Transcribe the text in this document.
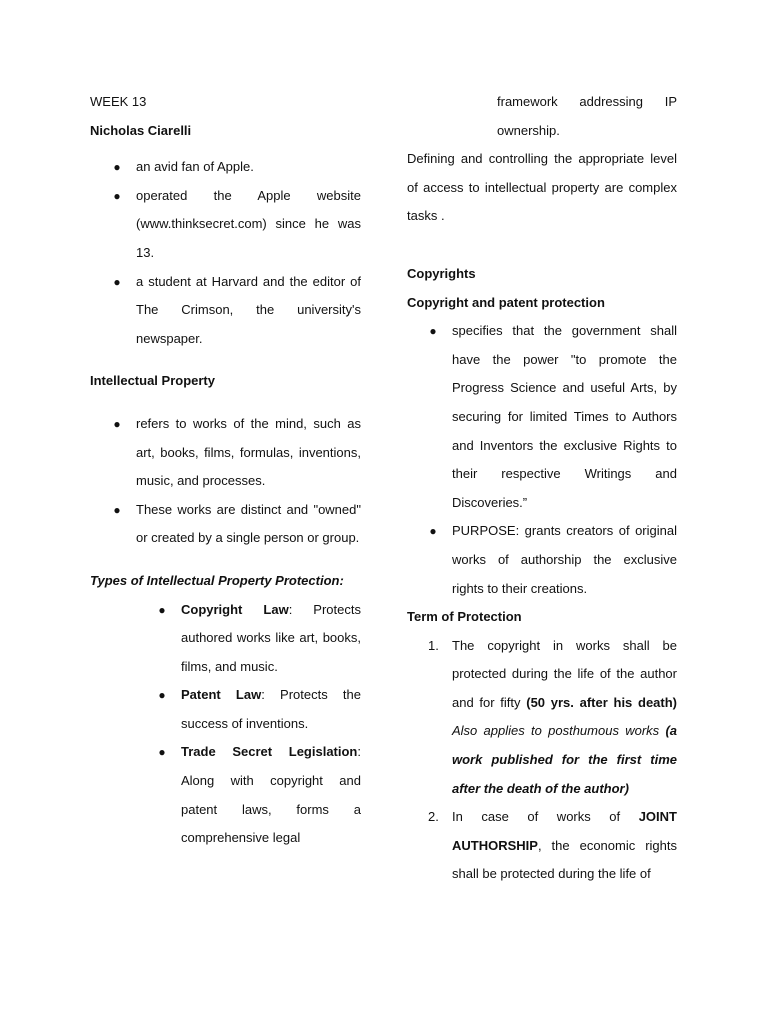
WEEK 13

Nicholas Ciarelli

● an avid fan of Apple.
● operated the Apple website (www.thinksecret.com) since he was 13.
● a student at Harvard and the editor of The Crimson, the university's newspaper.

Intellectual Property

● refers to works of the mind, such as art, books, films, formulas, inventions, music, and processes.
● These works are distinct and "owned" or created by a single person or group.

Types of Intellectual Property Protection:

● Copyright Law: Protects authored works like art, books, films, and music.
● Patent Law: Protects the success of inventions.
● Trade Secret Legislation: Along with copyright and patent laws, forms a comprehensive legal

framework addressing IP ownership.

Defining and controlling the appropriate level of access to intellectual property are complex tasks .

Copyrights

Copyright and patent protection

● specifies that the government shall have the power "to promote the Progress Science and useful Arts, by securing for limited Times to Authors and Inventors the exclusive Rights to their respective Writings and Discoveries.”
● PURPOSE: grants creators of original works of authorship the exclusive rights to their creations.

Term of Protection

1. The copyright in works shall be protected during the life of the author and for fifty (50 yrs. after his death) Also applies to posthumous works (a work published for the first time after the death of the author)
2. In case of works of JOINT AUTHORSHIP, the economic rights shall be protected during the life of
